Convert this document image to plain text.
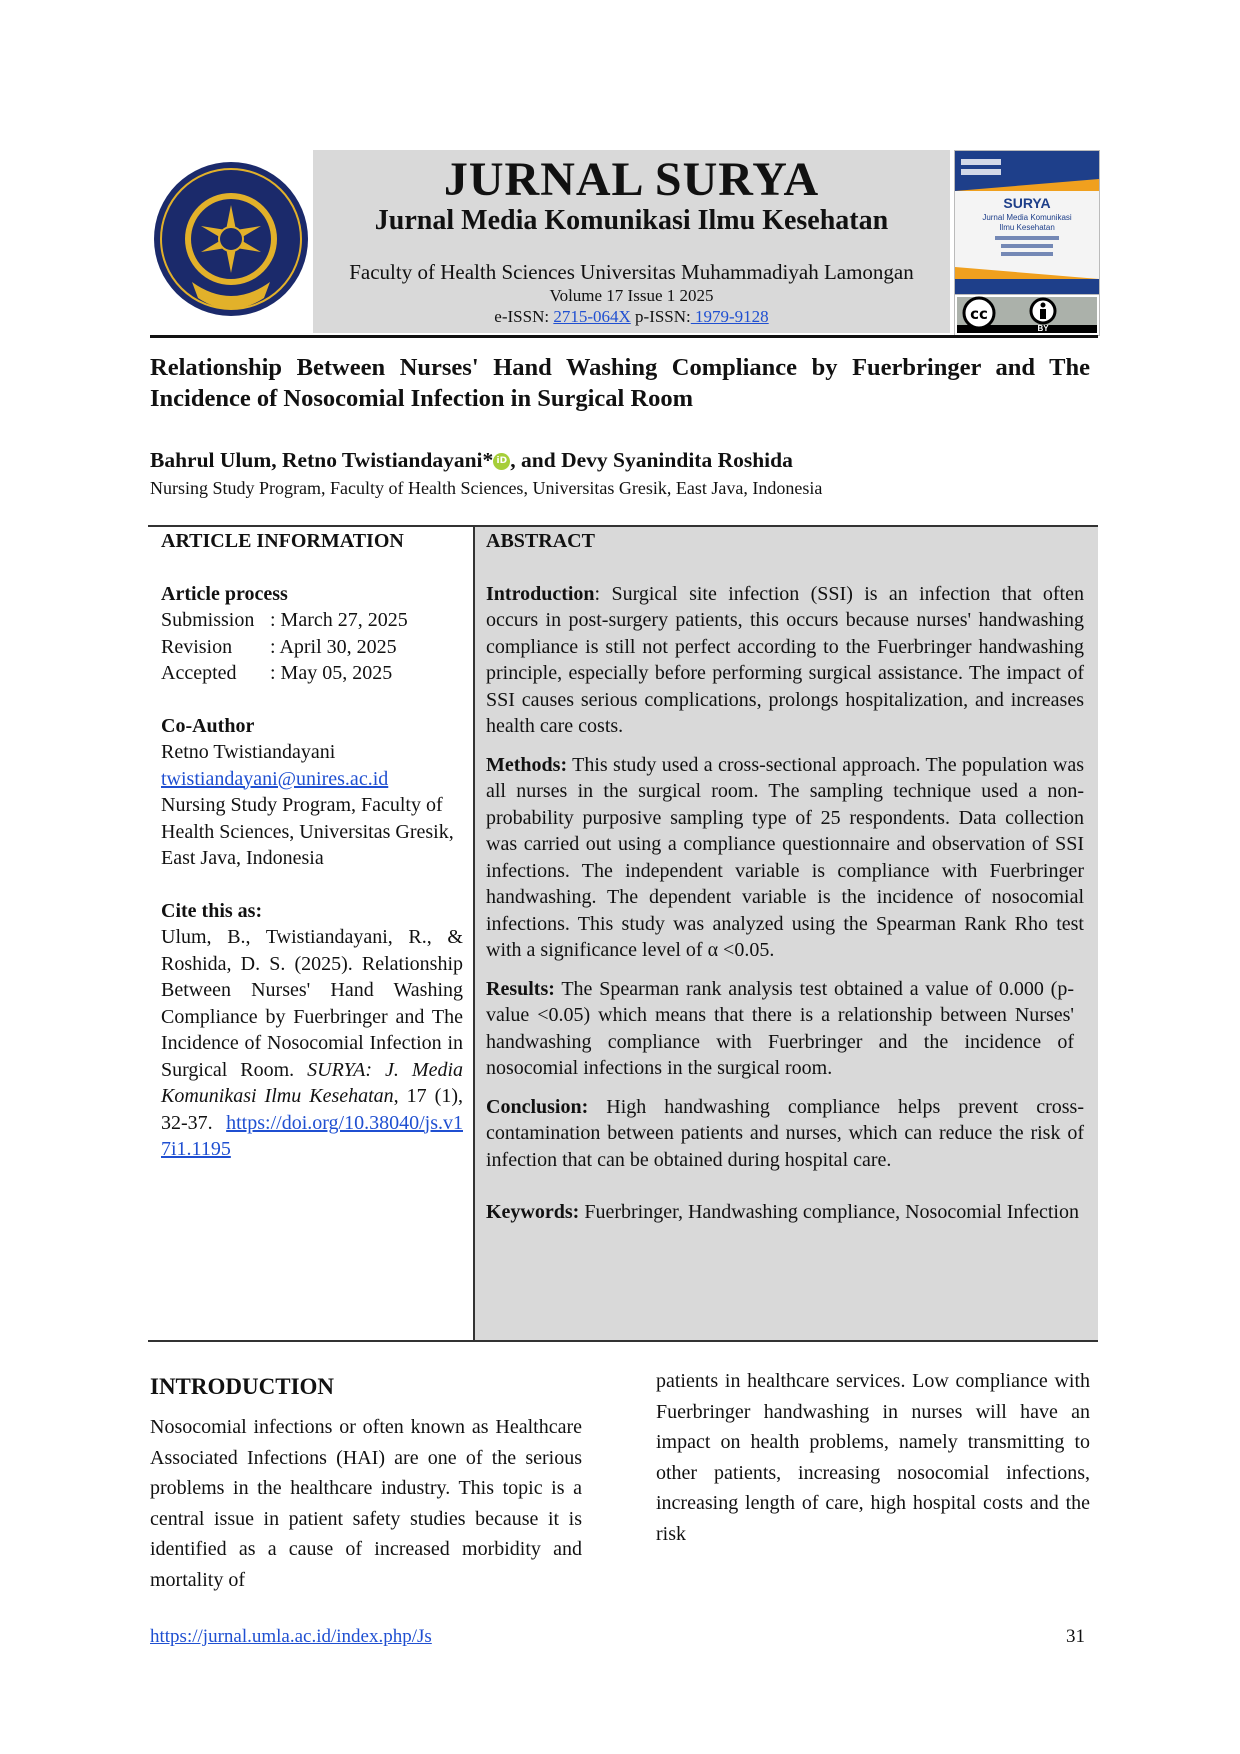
JURNAL SURYA
Jurnal Media Komunikasi Ilmu Kesehatan
Faculty of Health Sciences Universitas Muhammadiyah Lamongan
Volume 17 Issue 1 2025
e-ISSN: 2715-064X p-ISSN: 1979-9128
SURYA
Jurnal Media Komunikasi Ilmu Kesehatan
cc
BY
Relationship Between Nurses' Hand Washing Compliance by Fuerbringer and The Incidence of Nosocomial Infection in Surgical Room
Bahrul Ulum, Retno Twistiandayani* iD , and Devy Syanindita Roshida
Nursing Study Program, Faculty of Health Sciences, Universitas Gresik, East Java, Indonesia
ARTICLE INFORMATION
Article process
Submission : March 27, 2025
Revision	: April 30, 2025
Accepted	: May 05, 2025
Co-Author
Retno Twistiandayani
twistiandayani@unires.ac.id
Nursing Study Program, Faculty of Health Sciences, Universitas Gresik, East Java, Indonesia
Cite this as:
Ulum, B., Twistiandayani, R., & Roshida, D. S. (2025). Relationship Between Nurses' Hand Washing Compliance by Fuerbringer and The Incidence of Nosocomial Infection in Surgical Room. SURYA: J. Media Komunikasi Ilmu Kesehatan, 17 (1), 32-37. https://doi.org/10.38040/js.v17i1.1195
ABSTRACT
Introduction: Surgical site infection (SSI) is an infection that often occurs in post-surgery patients, this occurs because nurses' handwashing compliance is still not perfect according to the Fuerbringer handwashing principle, especially before performing surgical assistance. The impact of SSI causes serious complications, prolongs hospitalization, and increases health care costs.
Methods: This study used a cross-sectional approach. The population was all nurses in the surgical room. The sampling technique used a non-probability purposive sampling type of 25 respondents. Data collection was carried out using a compliance questionnaire and observation of SSI infections. The independent variable is compliance with Fuerbringer handwashing. The dependent variable is the incidence of nosocomial infections. This study was analyzed using the Spearman Rank Rho test with a significance level of α <0.05.
Results: The Spearman rank analysis test obtained a value of 0.000 (p-value <0.05) which means that there is a relationship between Nurses' handwashing compliance with Fuerbringer and the incidence of nosocomial infections in the surgical room.
Conclusion: High handwashing compliance helps prevent cross-contamination between patients and nurses, which can reduce the risk of infection that can be obtained during hospital care.
Keywords: Fuerbringer, Handwashing compliance, Nosocomial Infection
INTRODUCTION
Nosocomial infections or often known as Healthcare Associated Infections (HAI) are one of the serious problems in the healthcare industry. This topic is a central issue in patient safety studies because it is identified as a cause of increased morbidity and mortality of
patients in healthcare services. Low compliance with Fuerbringer handwashing in nurses will have an impact on health problems, namely transmitting to other patients, increasing nosocomial infections, increasing length of care, high hospital costs and the risk
https://jurnal.umla.ac.id/index.php/Js	31
